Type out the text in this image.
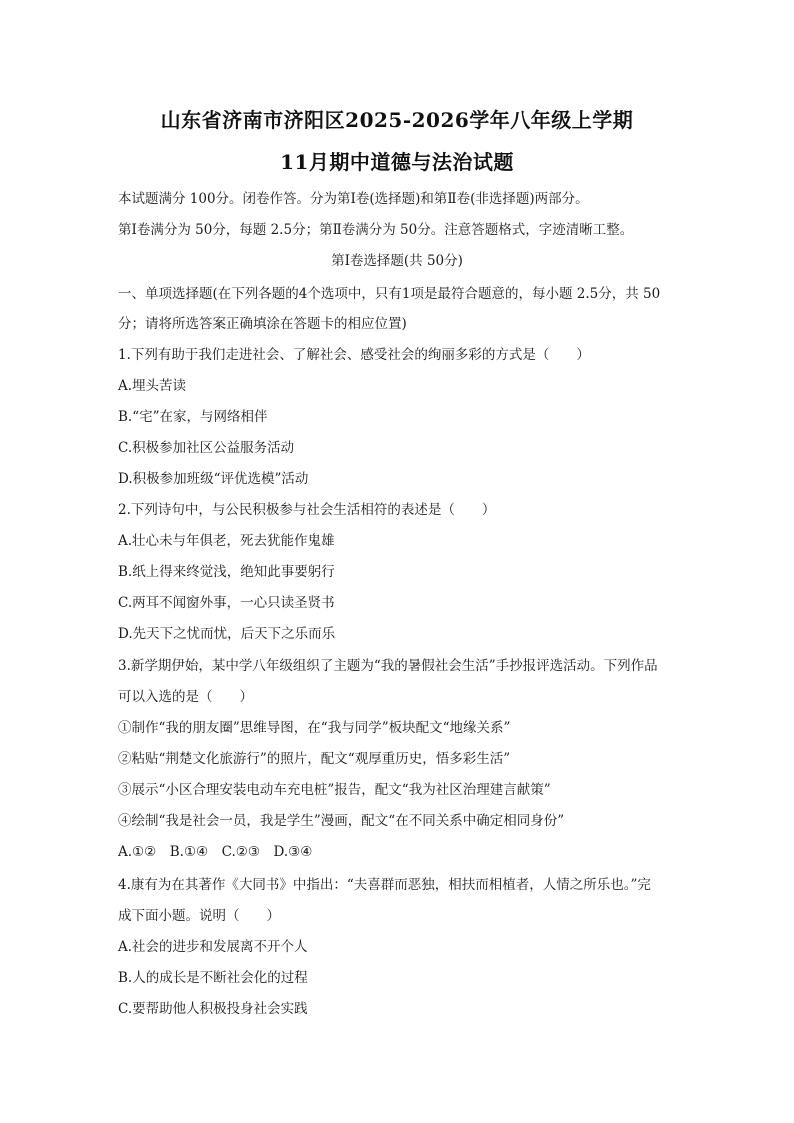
山东省济南市济阳区2025-2026学年八年级上学期
11月期中道德与法治试题
本试题满分 100分。闭卷作答。分为第Ⅰ卷(选择题)和第Ⅱ卷(非选择题)两部分。
第Ⅰ卷满分为 50分，每题 2.5分；第Ⅱ卷满分为 50分。注意答题格式，字迹清晰工整。
第Ⅰ卷选择题(共 50分)
一、单项选择题(在下列各题的4个选项中，只有1项是最符合题意的，每小题 2.5分，共 50
分；请将所选答案正确填涂在答题卡的相应位置)
1.下列有助于我们走进社会、了解社会、感受社会的绚丽多彩的方式是（　　）
A.埋头苦读
B.“宅”在家，与网络相伴
C.积极参加社区公益服务活动
D.积极参加班级“评优选模”活动
2.下列诗句中，与公民积极参与社会生活相符的表述是（　　）
A.壮心未与年俱老，死去犹能作鬼雄
B.纸上得来终觉浅，绝知此事要躬行
C.两耳不闻窗外事，一心只读圣贤书
D.先天下之忧而忧，后天下之乐而乐
3.新学期伊始，某中学八年级组织了主题为“我的暑假社会生活”手抄报评选活动。下列作品
可以入选的是（　　）
①制作“我的朋友圈”思维导图，在“我与同学”板块配文“地缘关系”
②粘贴“荆楚文化旅游行”的照片，配文“观厚重历史，悟多彩生活”
③展示“小区合理安装电动车充电桩”报告，配文“我为社区治理建言献策”
④绘制“我是社会一员，我是学生”漫画，配文“在不同关系中确定相同身份”
A.①②　B.①④　C.②③　D.③④
4.康有为在其著作《大同书》中指出：“夫喜群而恶独，相扶而相植者，人情之所乐也。”完
成下面小题。说明（　　）
A.社会的进步和发展离不开个人
B.人的成长是不断社会化的过程
C.要帮助他人积极投身社会实践
